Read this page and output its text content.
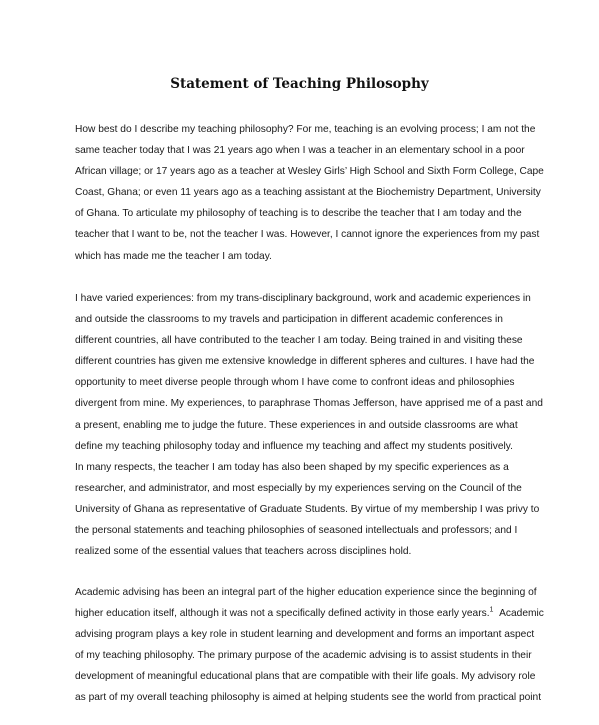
Statement of Teaching Philosophy
How best do I describe my teaching philosophy? For me, teaching is an evolving process; I am not the
same teacher today that I was 21 years ago when I was a teacher in an elementary school in a poor
African village; or 17 years ago as a teacher at Wesley Girls’ High School and Sixth Form College, Cape
Coast, Ghana; or even 11 years ago as a teaching assistant at the Biochemistry Department, University
of Ghana. To articulate my philosophy of teaching is to describe the teacher that I am today and the
teacher that I want to be, not the teacher I was. However, I cannot ignore the experiences from my past
which has made me the teacher I am today.
I have varied experiences: from my trans-disciplinary background, work and academic experiences in
and outside the classrooms to my travels and participation in different academic conferences in
different countries, all have contributed to the teacher I am today. Being trained in and visiting these
different countries has given me extensive knowledge in different spheres and cultures. I have had the
opportunity to meet diverse people through whom I have come to confront ideas and philosophies
divergent from mine. My experiences, to paraphrase Thomas Jefferson, have apprised me of a past and
a present, enabling me to judge the future. These experiences in and outside classrooms are what
define my teaching philosophy today and influence my teaching and affect my students positively.
In many respects, the teacher I am today has also been shaped by my specific experiences as a
researcher, and administrator, and most especially by my experiences serving on the Council of the
University of Ghana as representative of Graduate Students. By virtue of my membership I was privy to
the personal statements and teaching philosophies of seasoned intellectuals and professors; and I
realized some of the essential values that teachers across disciplines hold.
Academic advising has been an integral part of the higher education experience since the beginning of
higher education itself, although it was not a specifically defined activity in those early years.$^1$ Academic
advising program plays a key role in student learning and development and forms an important aspect
of my teaching philosophy. The primary purpose of the academic advising is to assist students in their
development of meaningful educational plans that are compatible with their life goals. My advisory role
as part of my overall teaching philosophy is aimed at helping students see the world from practical point
